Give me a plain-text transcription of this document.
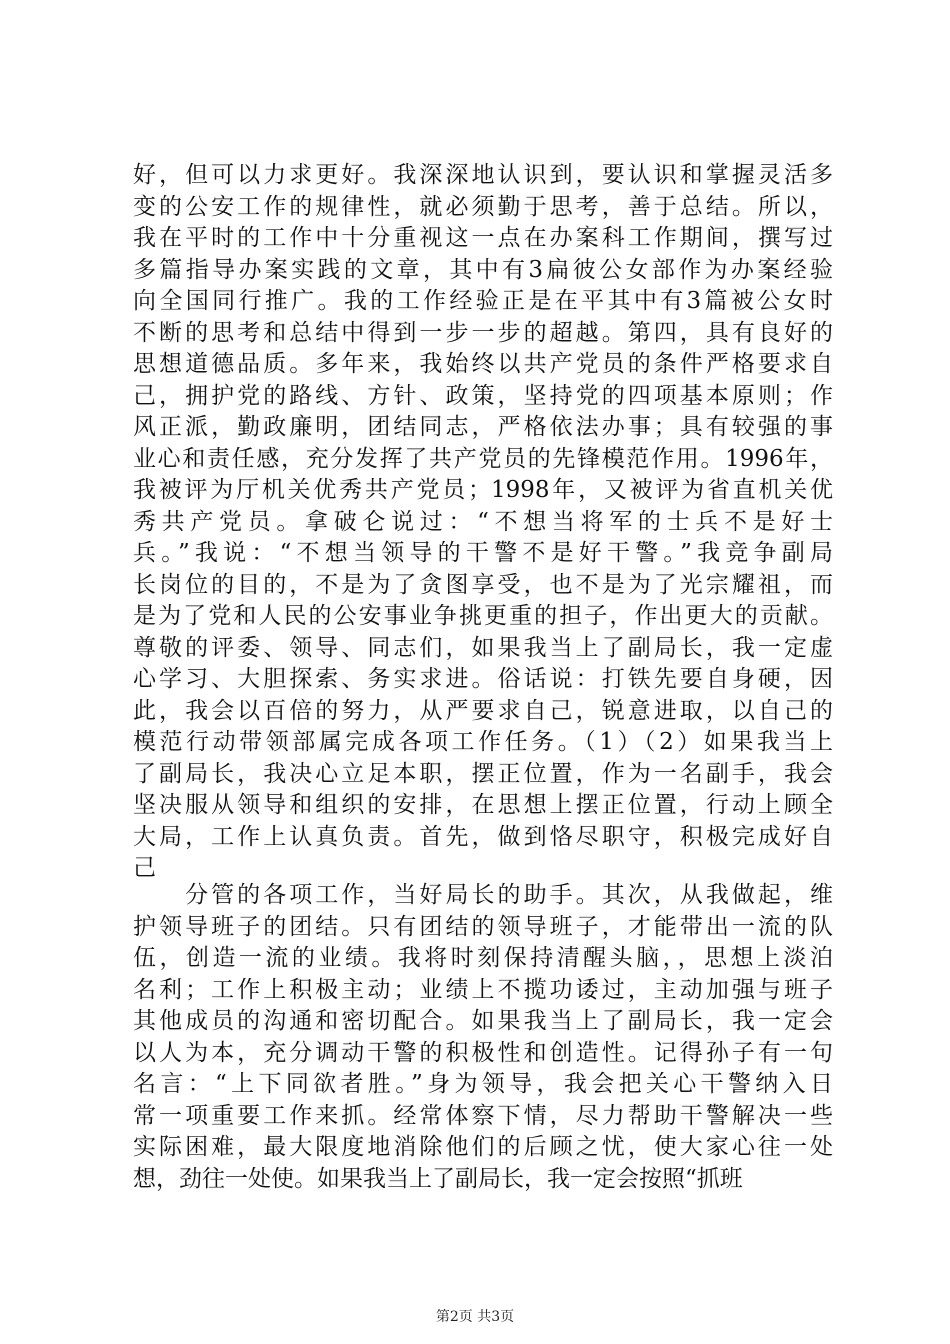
好，但可以力求更好。我深深地认识到，要认识和掌握灵活多
变的公安工作的规律性，就必须勤于思考，善于总结。所以，
我在平时的工作中十分重视这一点在办案科工作期间，撰写过
多篇指导办案实践的文章，其中有3扁彼公女部作为办案经验
向全国同行推广。我的工作经验正是在平其中有3篇被公女时
不断的思考和总结中得到一步一步的超越。第四，具有良好的
思想道德品质。多年来，我始终以共产党员的条件严格要求自
己，拥护党的路线、方针、政策，坚持党的四项基本原则；作
风正派，勤政廉明，团结同志，严格依法办事；具有较强的事
业心和责任感，充分发挥了共产党员的先锋模范作用。1996年，
我被评为厅机关优秀共产党员；1998年，又被评为省直机关优
秀共产党员。拿破仑说过：“不想当将军的士兵不是好士
兵。”我说：“不想当领导的干警不是好干警。”我竞争副局
长岗位的目的，不是为了贪图享受，也不是为了光宗耀祖，而
是为了党和人民的公安事业争挑更重的担子，作出更大的贡献。
尊敬的评委、领导、同志们，如果我当上了副局长，我一定虚
心学习、大胆探索、务实求进。俗话说：打铁先要自身硬，因
此，我会以百倍的努力，从严要求自己，锐意进取，以自己的
模范行动带领部属完成各项工作任务。（1）（2）如果我当上
了副局长，我决心立足本职，摆正位置，作为一名副手，我会
坚决服从领导和组织的安排，在思想上摆正位置，行动上顾全
大局，工作上认真负责。首先，做到恪尽职守，积极完成好自
己
　　分管的各项工作，当好局长的助手。其次，从我做起，维
护领导班子的团结。只有团结的领导班子，才能带出一流的队
伍，创造一流的业绩。我将时刻保持清醒头脑，，思想上淡泊
名利；工作上积极主动；业绩上不揽功诿过，主动加强与班子
其他成员的沟通和密切配合。如果我当上了副局长，我一定会
以人为本，充分调动干警的积极性和创造性。记得孙子有一句
名言：“上下同欲者胜。”身为领导，我会把关心干警纳入日
常一项重要工作来抓。经常体察下情，尽力帮助干警解决一些
实际困难，最大限度地消除他们的后顾之忧，使大家心往一处
想，劲往一处使。如果我当上了副局长，我一定会按照“抓班
第2页 共3页
